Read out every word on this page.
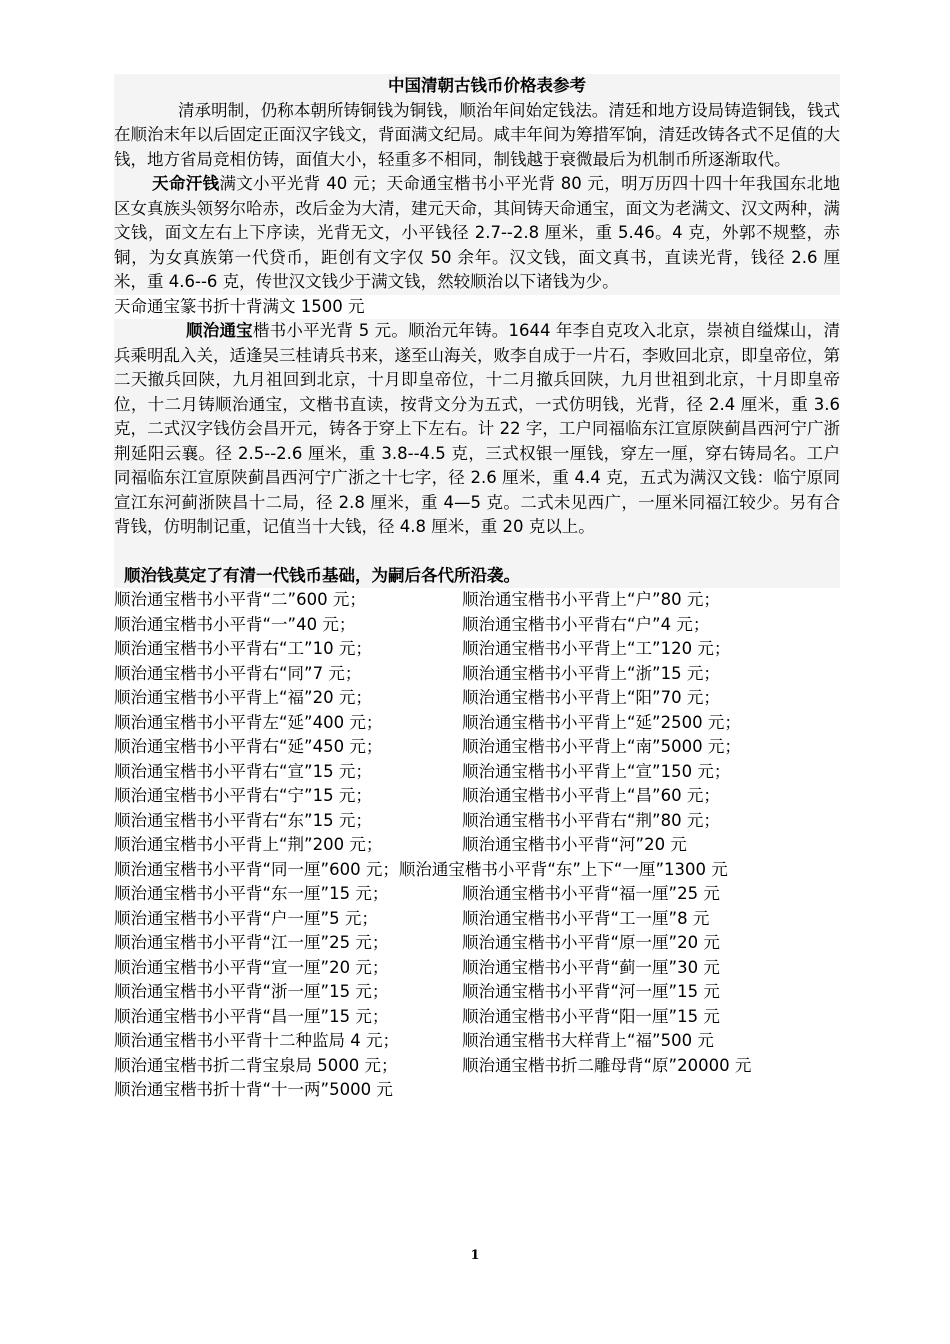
中国清朝古钱币价格表参考

清承明制，仍称本朝所铸铜钱为铜钱，顺治年间始定钱法。清廷和地方设局铸造铜钱，钱式在顺治末年以后固定正面汉字钱文，背面满文纪局。咸丰年间为筹措军饷，清廷改铸各式不足值的大钱，地方省局竞相仿铸，面值大小，轻重多不相同，制钱越于衰微最后为机制币所逐渐取代。

天命汗钱满文小平光背 40 元；天命通宝楷书小平光背 80 元，明万历四十四十年我国东北地区女真族头领努尔哈赤，改后金为大清，建元天命，其间铸天命通宝，面文为老满文、汉文两种，满文钱，面文左右上下序读，光背无文，小平钱径 2.7--2.8 厘米，重 5.46。4 克，外郭不规整，赤铜，为女真族第一代贷币，距创有文字仅 50 余年。汉文钱，面文真书，直读光背，钱径 2.6 厘米，重 4.6--6 克，传世汉文钱少于满文钱，然较顺治以下诸钱为少。

天命通宝篆书折十背满文 1500 元

顺治通宝楷书小平光背 5 元。顺治元年铸。1644 年李自克攻入北京，崇祯自缢煤山，清兵乘明乱入关，适逢吴三桂请兵书来，遂至山海关，败李自成于一片石，李败回北京，即皇帝位，第二天撤兵回陕，九月祖回到北京，十月即皇帝位，十二月撤兵回陕，九月世祖到北京，十月即皇帝位，十二月铸顺治通宝，文楷书直读，按背文分为五式，一式仿明钱，光背，径 2.4 厘米，重 3.6 克，二式汉字钱仿会昌开元，铸各于穿上下左右。计 22 字，工户同福临东江宣原陕蓟昌西河宁广浙荆延阳云襄。径 2.5--2.6 厘米，重 3.8--4.5 克，三式权银一厘钱，穿左一厘，穿右铸局名。工户同福临东江宣原陕蓟昌西河宁广浙之十七字，径 2.6 厘米，重 4.4 克，五式为满汉文钱：临宁原同宣江东河蓟浙陕昌十二局，径 2.8 厘米，重 4—5 克。二式未见西广，一厘米同福江较少。另有合背钱，仿明制记重，记值当十大钱，径 4.8 厘米，重 20 克以上。

顺治钱莫定了有清一代钱币基础，为嗣后各代所沿袭。
顺治通宝楷书小平背“二”600 元；	顺治通宝楷书小平背上“户”80 元；
顺治通宝楷书小平背“一”40 元；	顺治通宝楷书小平背右“户”4 元；
顺治通宝楷书小平背右“工”10 元；	顺治通宝楷书小平背上“工”120 元；
顺治通宝楷书小平背右“同”7 元；	顺治通宝楷书小平背上“浙”15 元；
顺治通宝楷书小平背上“福”20 元；	顺治通宝楷书小平背上“阳”70 元；
顺治通宝楷书小平背左“延”400 元；	顺治通宝楷书小平背上“延”2500 元；
顺治通宝楷书小平背右“延”450 元；	顺治通宝楷书小平背上“南”5000 元；
顺治通宝楷书小平背右“宣”15 元；	顺治通宝楷书小平背上“宣”150 元；
顺治通宝楷书小平背右“宁”15 元；	顺治通宝楷书小平背上“昌”60 元；
顺治通宝楷书小平背右“东”15 元；	顺治通宝楷书小平背右“荆”80 元；
顺治通宝楷书小平背上“荆”200 元；	顺治通宝楷书小平背“河”20 元

顺治通宝楷书小平背“同一厘”600 元；顺治通宝楷书小平背“东”上下“一厘”1300 元

顺治通宝楷书小平背“东一厘”15 元；	顺治通宝楷书小平背“福一厘”25 元
顺治通宝楷书小平背“户一厘”5 元；	顺治通宝楷书小平背“工一厘”8 元
顺治通宝楷书小平背“江一厘”25 元；	顺治通宝楷书小平背“原一厘”20 元
顺治通宝楷书小平背“宣一厘”20 元；	顺治通宝楷书小平背“蓟一厘”30 元
顺治通宝楷书小平背“浙一厘”15 元；	顺治通宝楷书小平背“河一厘”15 元
顺治通宝楷书小平背“昌一厘”15 元；	顺治通宝楷书小平背“阳一厘”15 元
顺治通宝楷书小平背十二种监局 4 元；	顺治通宝楷书大样背上“福”500 元
顺治通宝楷书折二背宝泉局 5000 元；	顺治通宝楷书折二雕母背“原”20000 元
顺治通宝楷书折十背“十一两”5000 元
1
